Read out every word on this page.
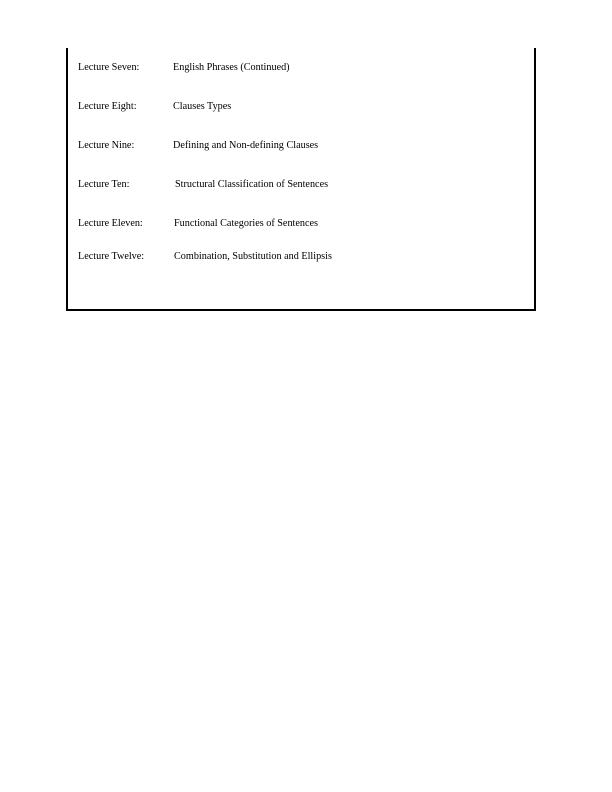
Lecture Seven:	English Phrases (Continued)
Lecture Eight:	Clauses Types
Lecture Nine:	Defining and Non-defining Clauses
Lecture Ten:	Structural Classification of Sentences
Lecture Eleven:	Functional Categories of Sentences
Lecture Twelve:	Combination, Substitution and Ellipsis
